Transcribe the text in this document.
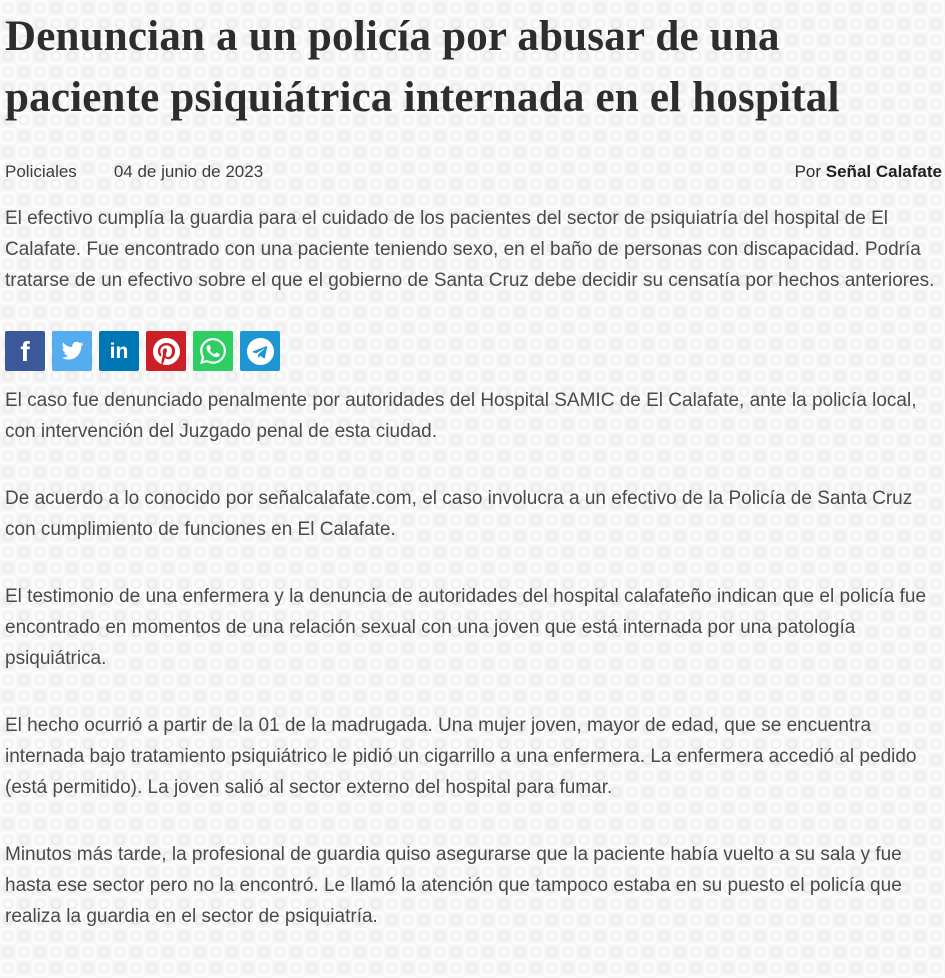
Denuncian a un policía por abusar de una paciente psiquiátrica internada en el hospital
Policiales 04 de junio de 2023	Por Señal Calafate

El efectivo cumplía la guardia para el cuidado de los pacientes del sector de psiquiatría del hospital de El Calafate. Fue encontrado con una paciente teniendo sexo, en el baño de personas con discapacidad. Podría tratarse de un efectivo sobre el que el gobierno de Santa Cruz debe decidir su censatía por hechos anteriores.

f	in

El caso fue denunciado penalmente por autoridades del Hospital SAMIC de El Calafate, ante la policía local, con intervención del Juzgado penal de esta ciudad.

De acuerdo a lo conocido por señalcalafate.com, el caso involucra a un efectivo de la Policía de Santa Cruz con cumplimiento de funciones en El Calafate.

El testimonio de una enfermera y la denuncia de autoridades del hospital calafateño indican que el policía fue encontrado en momentos de una relación sexual con una joven que está internada por una patología psiquiátrica.

El hecho ocurrió a partir de la 01 de la madrugada. Una mujer joven, mayor de edad, que se encuentra internada bajo tratamiento psiquiátrico le pidió un cigarrillo a una enfermera. La enfermera accedió al pedido (está permitido). La joven salió al sector externo del hospital para fumar.

Minutos más tarde, la profesional de guardia quiso asegurarse que la paciente había vuelto a su sala y fue hasta ese sector pero no la encontró. Le llamó la atención que tampoco estaba en su puesto el policía que realiza la guardia en el sector de psiquiatría.
